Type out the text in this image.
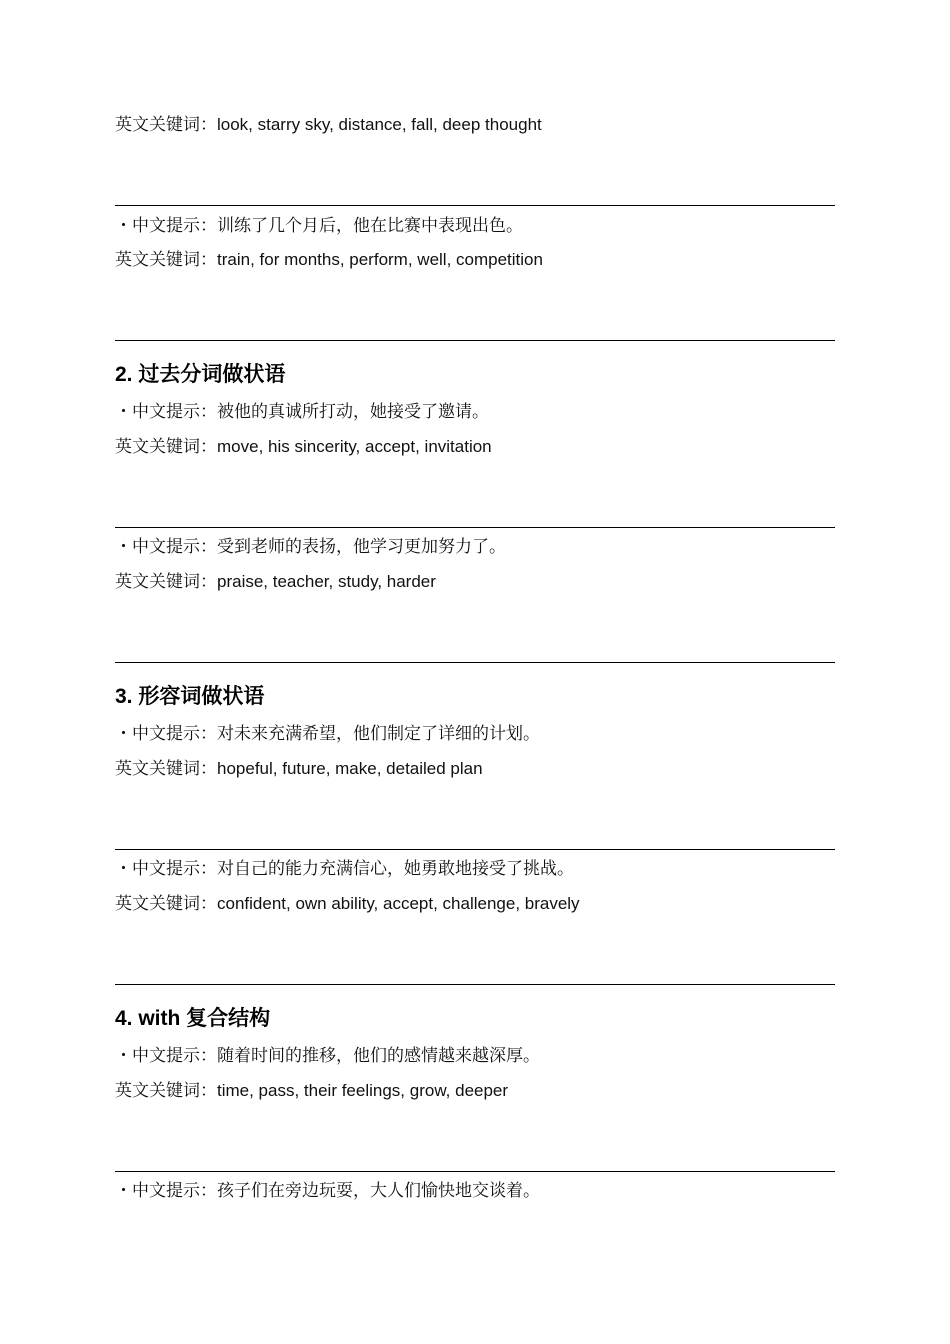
英文关键词：look, starry sky, distance, fall, deep thought
・中文提示：训练了几个月后，他在比赛中表现出色。
英文关键词：train, for months, perform, well, competition
2. 过去分词做状语
・中文提示：被他的真诚所打动，她接受了邀请。
英文关键词：move, his sincerity, accept, invitation
・中文提示：受到老师的表扬，他学习更加努力了。
英文关键词：praise, teacher, study, harder
3. 形容词做状语
・中文提示：对未来充满希望，他们制定了详细的计划。
英文关键词：hopeful, future, make, detailed plan
・中文提示：对自己的能力充满信心，她勇敢地接受了挑战。
英文关键词：confident, own ability, accept, challenge, bravely
4. with 复合结构
・中文提示：随着时间的推移，他们的感情越来越深厚。
英文关键词：time, pass, their feelings, grow, deeper
・中文提示：孩子们在旁边玩耍，大人们愉快地交谈着。
